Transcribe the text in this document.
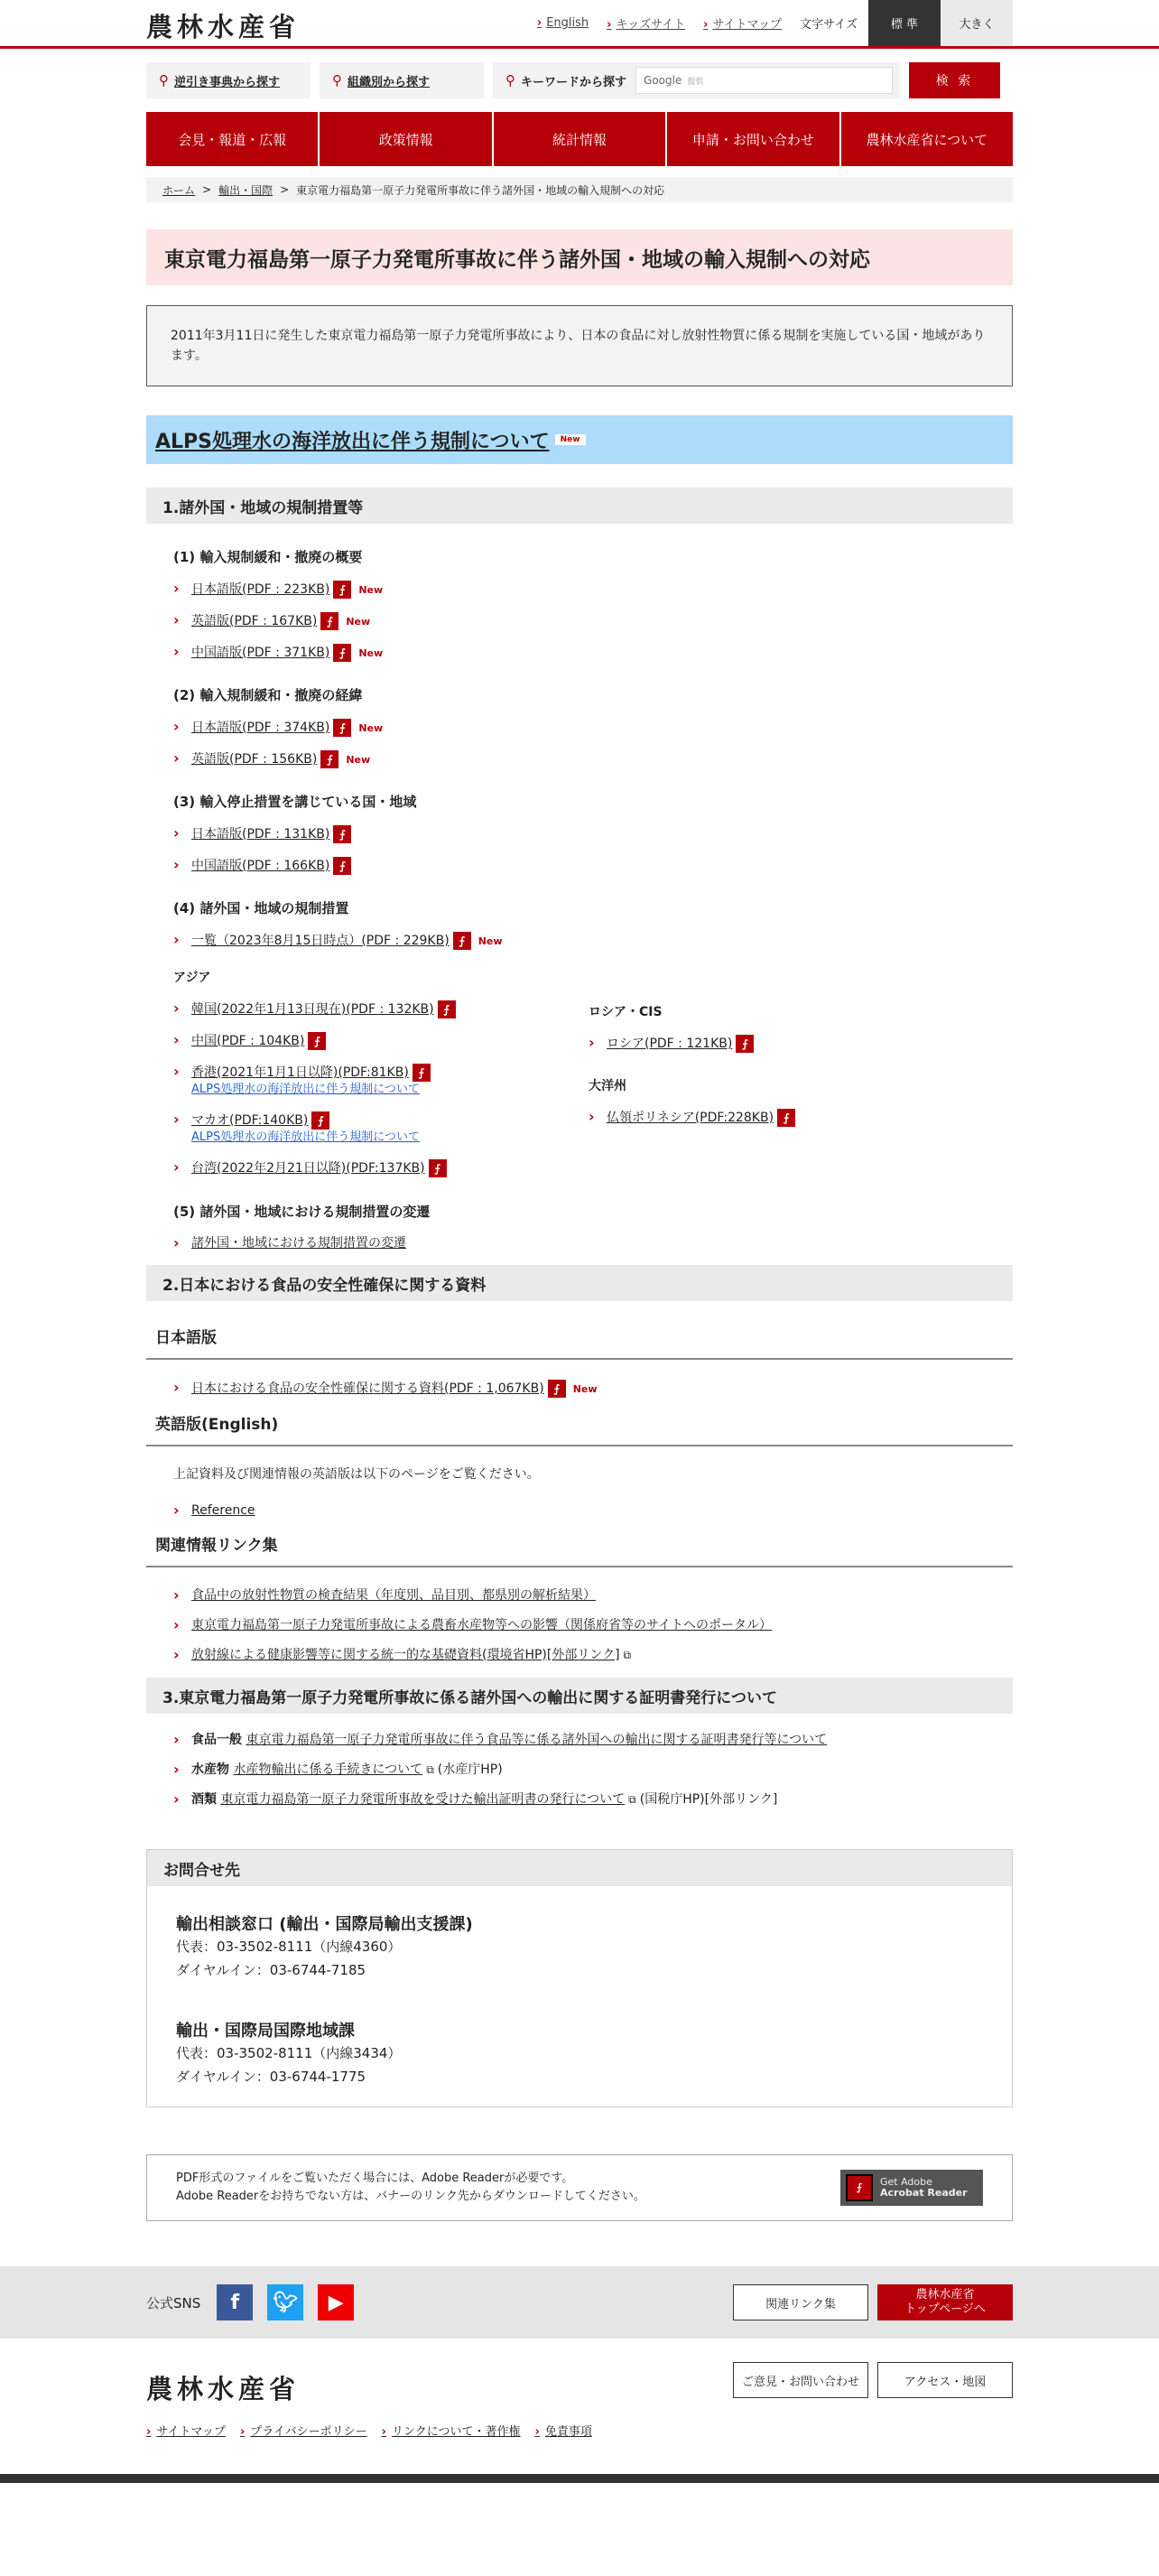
農林水産省	› English	› キッズサイト	› サイトマップ 文字サイズ	標 準	大きく
⚲ 逆引き事典から探す	⚲ 組織別から探す	⚲ キーワードから探す Google 提供	検 索
会見・報道・広報	政策情報	統計情報	申請・お問い合わせ	農林水産省について
ホーム > 輸出・国際 > 東京電力福島第一原子力発電所事故に伴う諸外国・地域の輸入規制への対応
東京電力福島第一原子力発電所事故に伴う諸外国・地域の輸入規制への対応
2011年3月11日に発生した東京電力福島第一原子力発電所事故により、日本の食品に対し放射性物質に係る規制を実施している国・地域があります。
ALPS処理水の海洋放出に伴う規制について	New
1.諸外国・地域の規制措置等
(1) 輸入規制緩和・撤廃の概要
› 日本語版(PDF : 223KB) ⨍ New
› 英語版(PDF : 167KB) ⨍ New
› 中国語版(PDF : 371KB) ⨍ New
(2) 輸入規制緩和・撤廃の経緯
› 日本語版(PDF : 374KB) ⨍ New
› 英語版(PDF : 156KB) ⨍ New
(3) 輸入停止措置を講じている国・地域
› 日本語版(PDF : 131KB) ⨍
› 中国語版(PDF : 166KB) ⨍
(4) 諸外国・地域の規制措置
› 一覧（2023年8月15日時点）(PDF : 229KB) ⨍ New
アジア
› 韓国(2022年1月13日現在)(PDF : 132KB) ⨍
› 中国(PDF : 104KB) ⨍
› 香港(2021年1月1日以降)(PDF:81KB) ⨍
ALPS処理水の海洋放出に伴う規制について
› マカオ(PDF:140KB) ⨍
ALPS処理水の海洋放出に伴う規制について
› 台湾(2022年2月21日以降)(PDF:137KB) ⨍
ロシア・CIS
› ロシア(PDF : 121KB) ⨍
大洋州
› 仏領ポリネシア(PDF:228KB) ⨍
(5) 諸外国・地域における規制措置の変遷
› 諸外国・地域における規制措置の変遷
2.日本における食品の安全性確保に関する資料
日本語版
› 日本における食品の安全性確保に関する資料(PDF : 1,067KB) ⨍ New
英語版(English)
上記資料及び関連情報の英語版は以下のページをご覧ください。
› Reference
関連情報リンク集
› 食品中の放射性物質の検査結果（年度別、品目別、都県別の解析結果）
› 東京電力福島第一原子力発電所事故による農畜水産物等への影響（関係府省等のサイトへのポータル）
› 放射線による健康影響等に関する統一的な基礎資料(環境省HP)[外部リンク] ⧉
3.東京電力福島第一原子力発電所事故に係る諸外国への輸出に関する証明書発行について
› 食品一般 東京電力福島第一原子力発電所事故に伴う食品等に係る諸外国への輸出に関する証明書発行等について
› 水産物 水産物輸出に係る手続きについて ⧉ (水産庁HP)
› 酒類 東京電力福島第一原子力発電所事故を受けた輸出証明書の発行について ⧉ (国税庁HP)[外部リンク]
お問合せ先
輸出相談窓口 (輸出・国際局輸出支援課)
代表：03-3502-8111（内線4360）
ダイヤルイン：03-6744-7185
輸出・国際局国際地域課
代表：03-3502-8111（内線3434）
ダイヤルイン：03-6744-1775
PDF形式のファイルをご覧いただく場合には、Adobe Readerが必要です。
Adobe Readerをお持ちでない方は、バナーのリンク先からダウンロードしてください。
⨍	Get Adobe
Acrobat Reader
公式SNS	f	🐦︎	▶	関連リンク集
農林水産省
トップページへ
農林水産省	ご意見・お問い合わせ	アクセス・地図
› サイトマップ	› プライバシーポリシー	› リンクについて・著作権	› 免責事項
